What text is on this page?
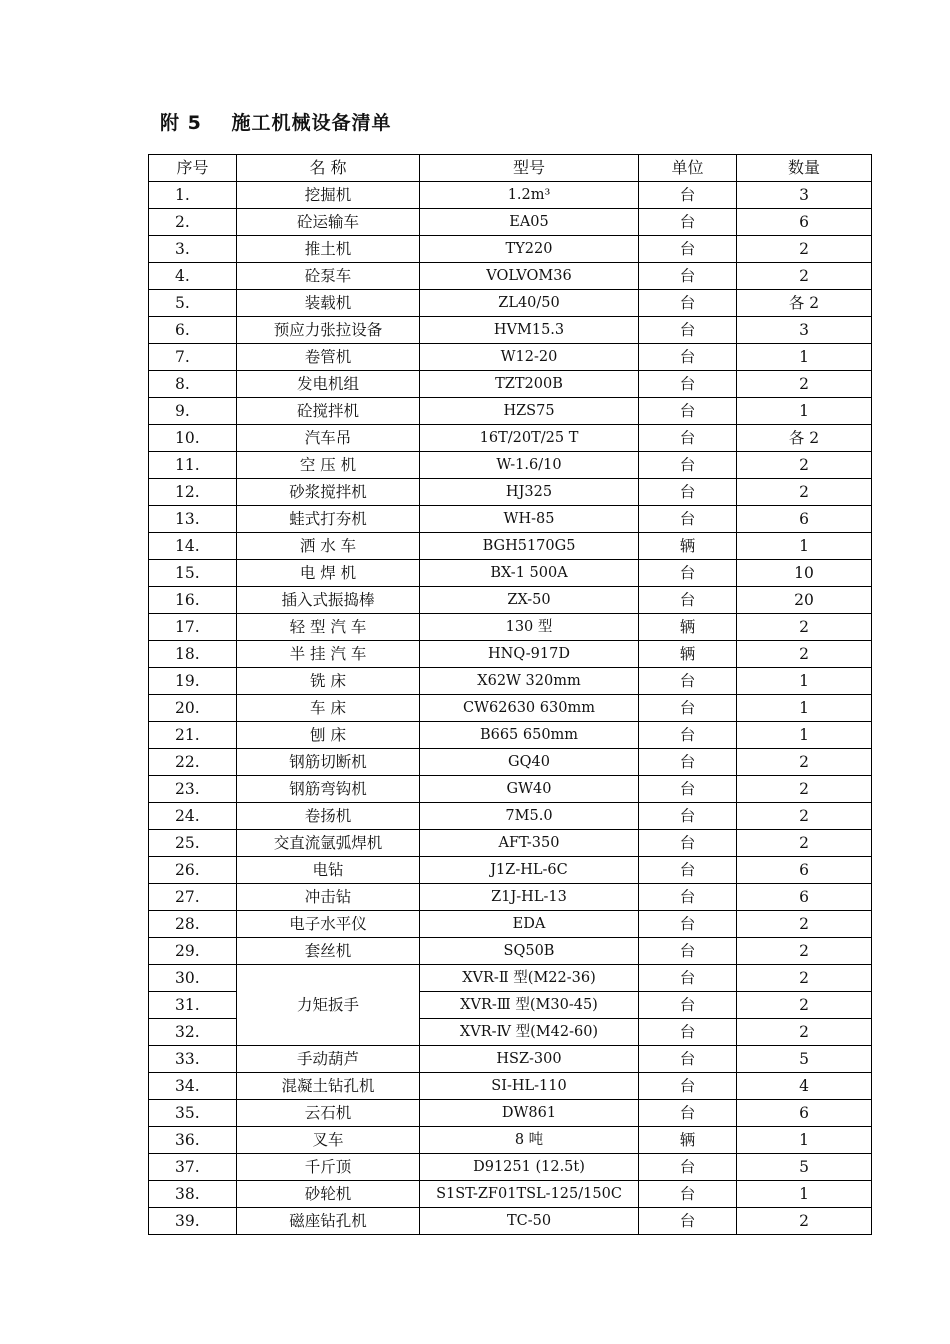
附 5 施工机械设备清单
序号	名 称	型号	单位	数量
1.	挖掘机	1.2m³	台	3
2.	砼运输车	EA05	台	6
3.	推土机	TY220	台	2
4.	砼泵车	VOLVOM36	台	2
5.	装载机	ZL40/50	台	各 2
6.	预应力张拉设备	HVM15.3	台	3
7.	卷管机	W12-20	台	1
8.	发电机组	TZT200B	台	2
9.	砼搅拌机	HZS75	台	1
10.	汽车吊	16T/20T/25 T	台	各 2
11.	空 压 机	W-1.6/10	台	2
12.	砂浆搅拌机	HJ325	台	2
13.	蛙式打夯机	WH-85	台	6
14.	洒 水 车	BGH5170G5	辆	1
15.	电 焊 机	BX-1 500A	台	10
16.	插入式振捣棒	ZX-50	台	20
17.	轻 型 汽 车	130 型	辆	2
18.	半 挂 汽 车	HNQ-917D	辆	2
19.	铣 床	X62W 320mm	台	1
20.	车 床	CW62630 630mm	台	1
21.	刨 床	B665 650mm	台	1
22.	钢筋切断机	GQ40	台	2
23.	钢筋弯钩机	GW40	台	2
24.	卷扬机	7M5.0	台	2
25.	交直流氩弧焊机	AFT-350	台	2
26.	电钻	J1Z-HL-6C	台	6
27.	冲击钻	Z1J-HL-13	台	6
28.	电子水平仪	EDA	台	2
29.	套丝机	SQ50B	台	2
30.	力矩扳手	XVR-Ⅱ 型(M22-36)	台	2
31.		XVR-Ⅲ 型(M30-45)	台	2
32.		XVR-Ⅳ 型(M42-60)	台	2
33.	手动葫芦	HSZ-300	台	5
34.	混凝土钻孔机	SI-HL-110	台	4
35.	云石机	DW861	台	6
36.	叉车	8 吨	辆	1
37.	千斤顶	D91251 (12.5t)	台	5
38.	砂轮机	S1ST-ZF01TSL-125/150C	台	1
39.	磁座钻孔机	TC-50	台	2
